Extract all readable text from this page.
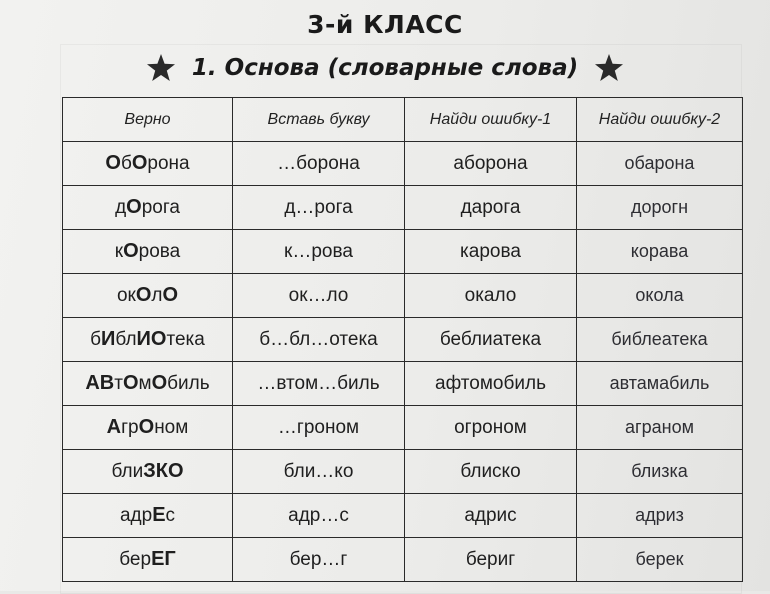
3-й КЛАСС
1. Основа (словарные слова)
Верно	Вставь букву	Найди ошибку-1	Найди ошибку-2
ОбОрона	…борона	аборона	обарона
дОрога	д…рога	дарога	дорогн
кОрова	к…рова	карова	корава
окОлО	ок…ло	окало	окола
бИблИОтека	б…бл…отека	беблиатека	библеатека
АВтОмОбиль	…втом…биль	афтомобиль	автамабиль
АгрОном	…гроном	огроном	аграном
блиЗКО	бли…ко	блиско	близка
адрЕс	адр…с	адрис	адриз
берЕГ	бер…г	бериг	берек
